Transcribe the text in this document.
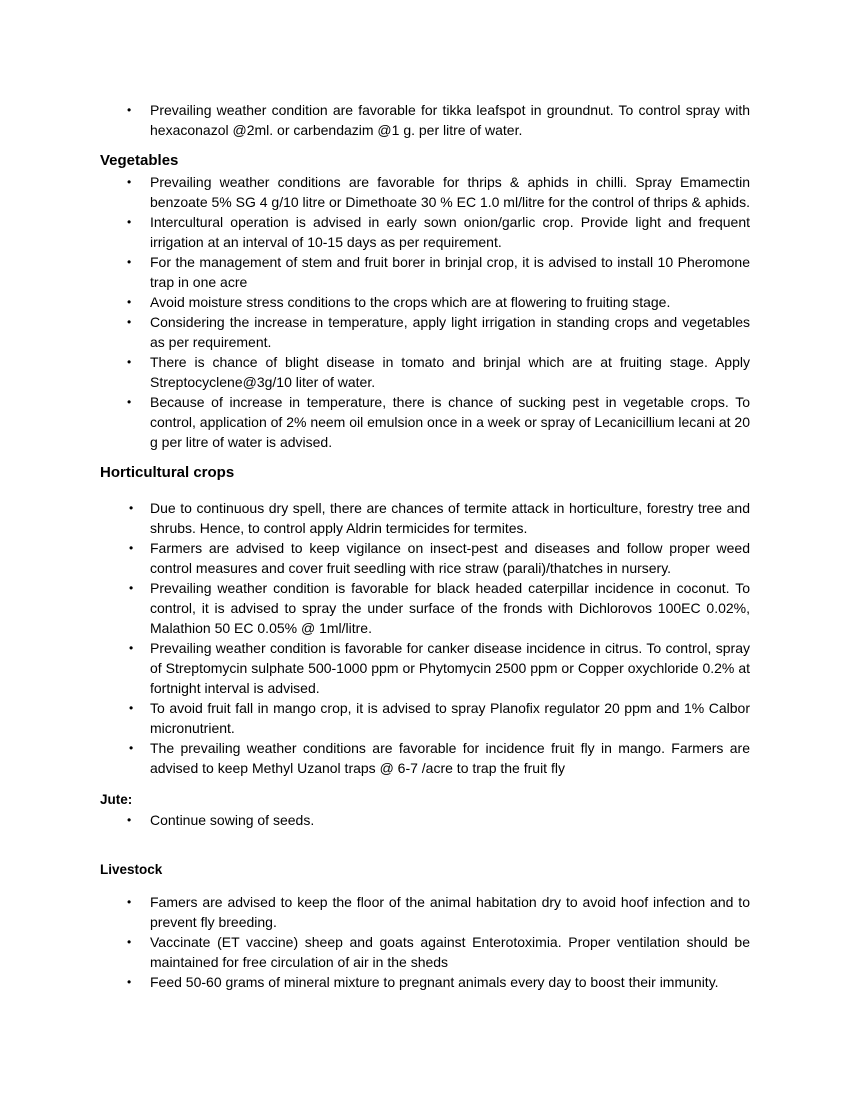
• Prevailing weather condition are favorable for tikka leafspot in groundnut. To control spray with hexaconazol @2ml. or carbendazim @1 g. per litre of water.
Vegetables
• Prevailing weather conditions are favorable for thrips & aphids in chilli. Spray Emamectin benzoate 5% SG 4 g/10 litre or Dimethoate 30 % EC 1.0 ml/litre for the control of thrips & aphids.
• Intercultural operation is advised in early sown onion/garlic crop. Provide light and frequent irrigation at an interval of 10-15 days as per requirement.
• For the management of stem and fruit borer in brinjal crop, it is advised to install 10 Pheromone trap in one acre
• Avoid moisture stress conditions to the crops which are at flowering to fruiting stage.
• Considering the increase in temperature, apply light irrigation in standing crops and vegetables as per requirement.
• There is chance of blight disease in tomato and brinjal which are at fruiting stage. Apply Streptocyclene@3g/10 liter of water.
• Because of increase in temperature, there is chance of sucking pest in vegetable crops. To control, application of 2% neem oil emulsion once in a week or spray of Lecanicillium lecani at 20 g per litre of water is advised.
Horticultural crops
• Due to continuous dry spell, there are chances of termite attack in horticulture, forestry tree and shrubs. Hence, to control apply Aldrin termicides for termites.
• Farmers are advised to keep vigilance on insect-pest and diseases and follow proper weed control measures and cover fruit seedling with rice straw (parali)/thatches in nursery.
• Prevailing weather condition is favorable for black headed caterpillar incidence in coconut. To control, it is advised to spray the under surface of the fronds with Dichlorovos 100EC 0.02%, Malathion 50 EC 0.05% @ 1ml/litre.
• Prevailing weather condition is favorable for canker disease incidence in citrus. To control, spray of Streptomycin sulphate 500-1000 ppm or Phytomycin 2500 ppm or Copper oxychloride 0.2% at fortnight interval is advised.
• To avoid fruit fall in mango crop, it is advised to spray Planofix regulator 20 ppm and 1% Calbor micronutrient.
• The prevailing weather conditions are favorable for incidence fruit fly in mango. Farmers are advised to keep Methyl Uzanol traps @ 6-7 /acre to trap the fruit fly
Jute:
• Continue sowing of seeds.
Livestock
• Famers are advised to keep the floor of the animal habitation dry to avoid hoof infection and to prevent fly breeding.
• Vaccinate (ET vaccine) sheep and goats against Enterotoximia. Proper ventilation should be maintained for free circulation of air in the sheds
• Feed 50-60 grams of mineral mixture to pregnant animals every day to boost their immunity.
